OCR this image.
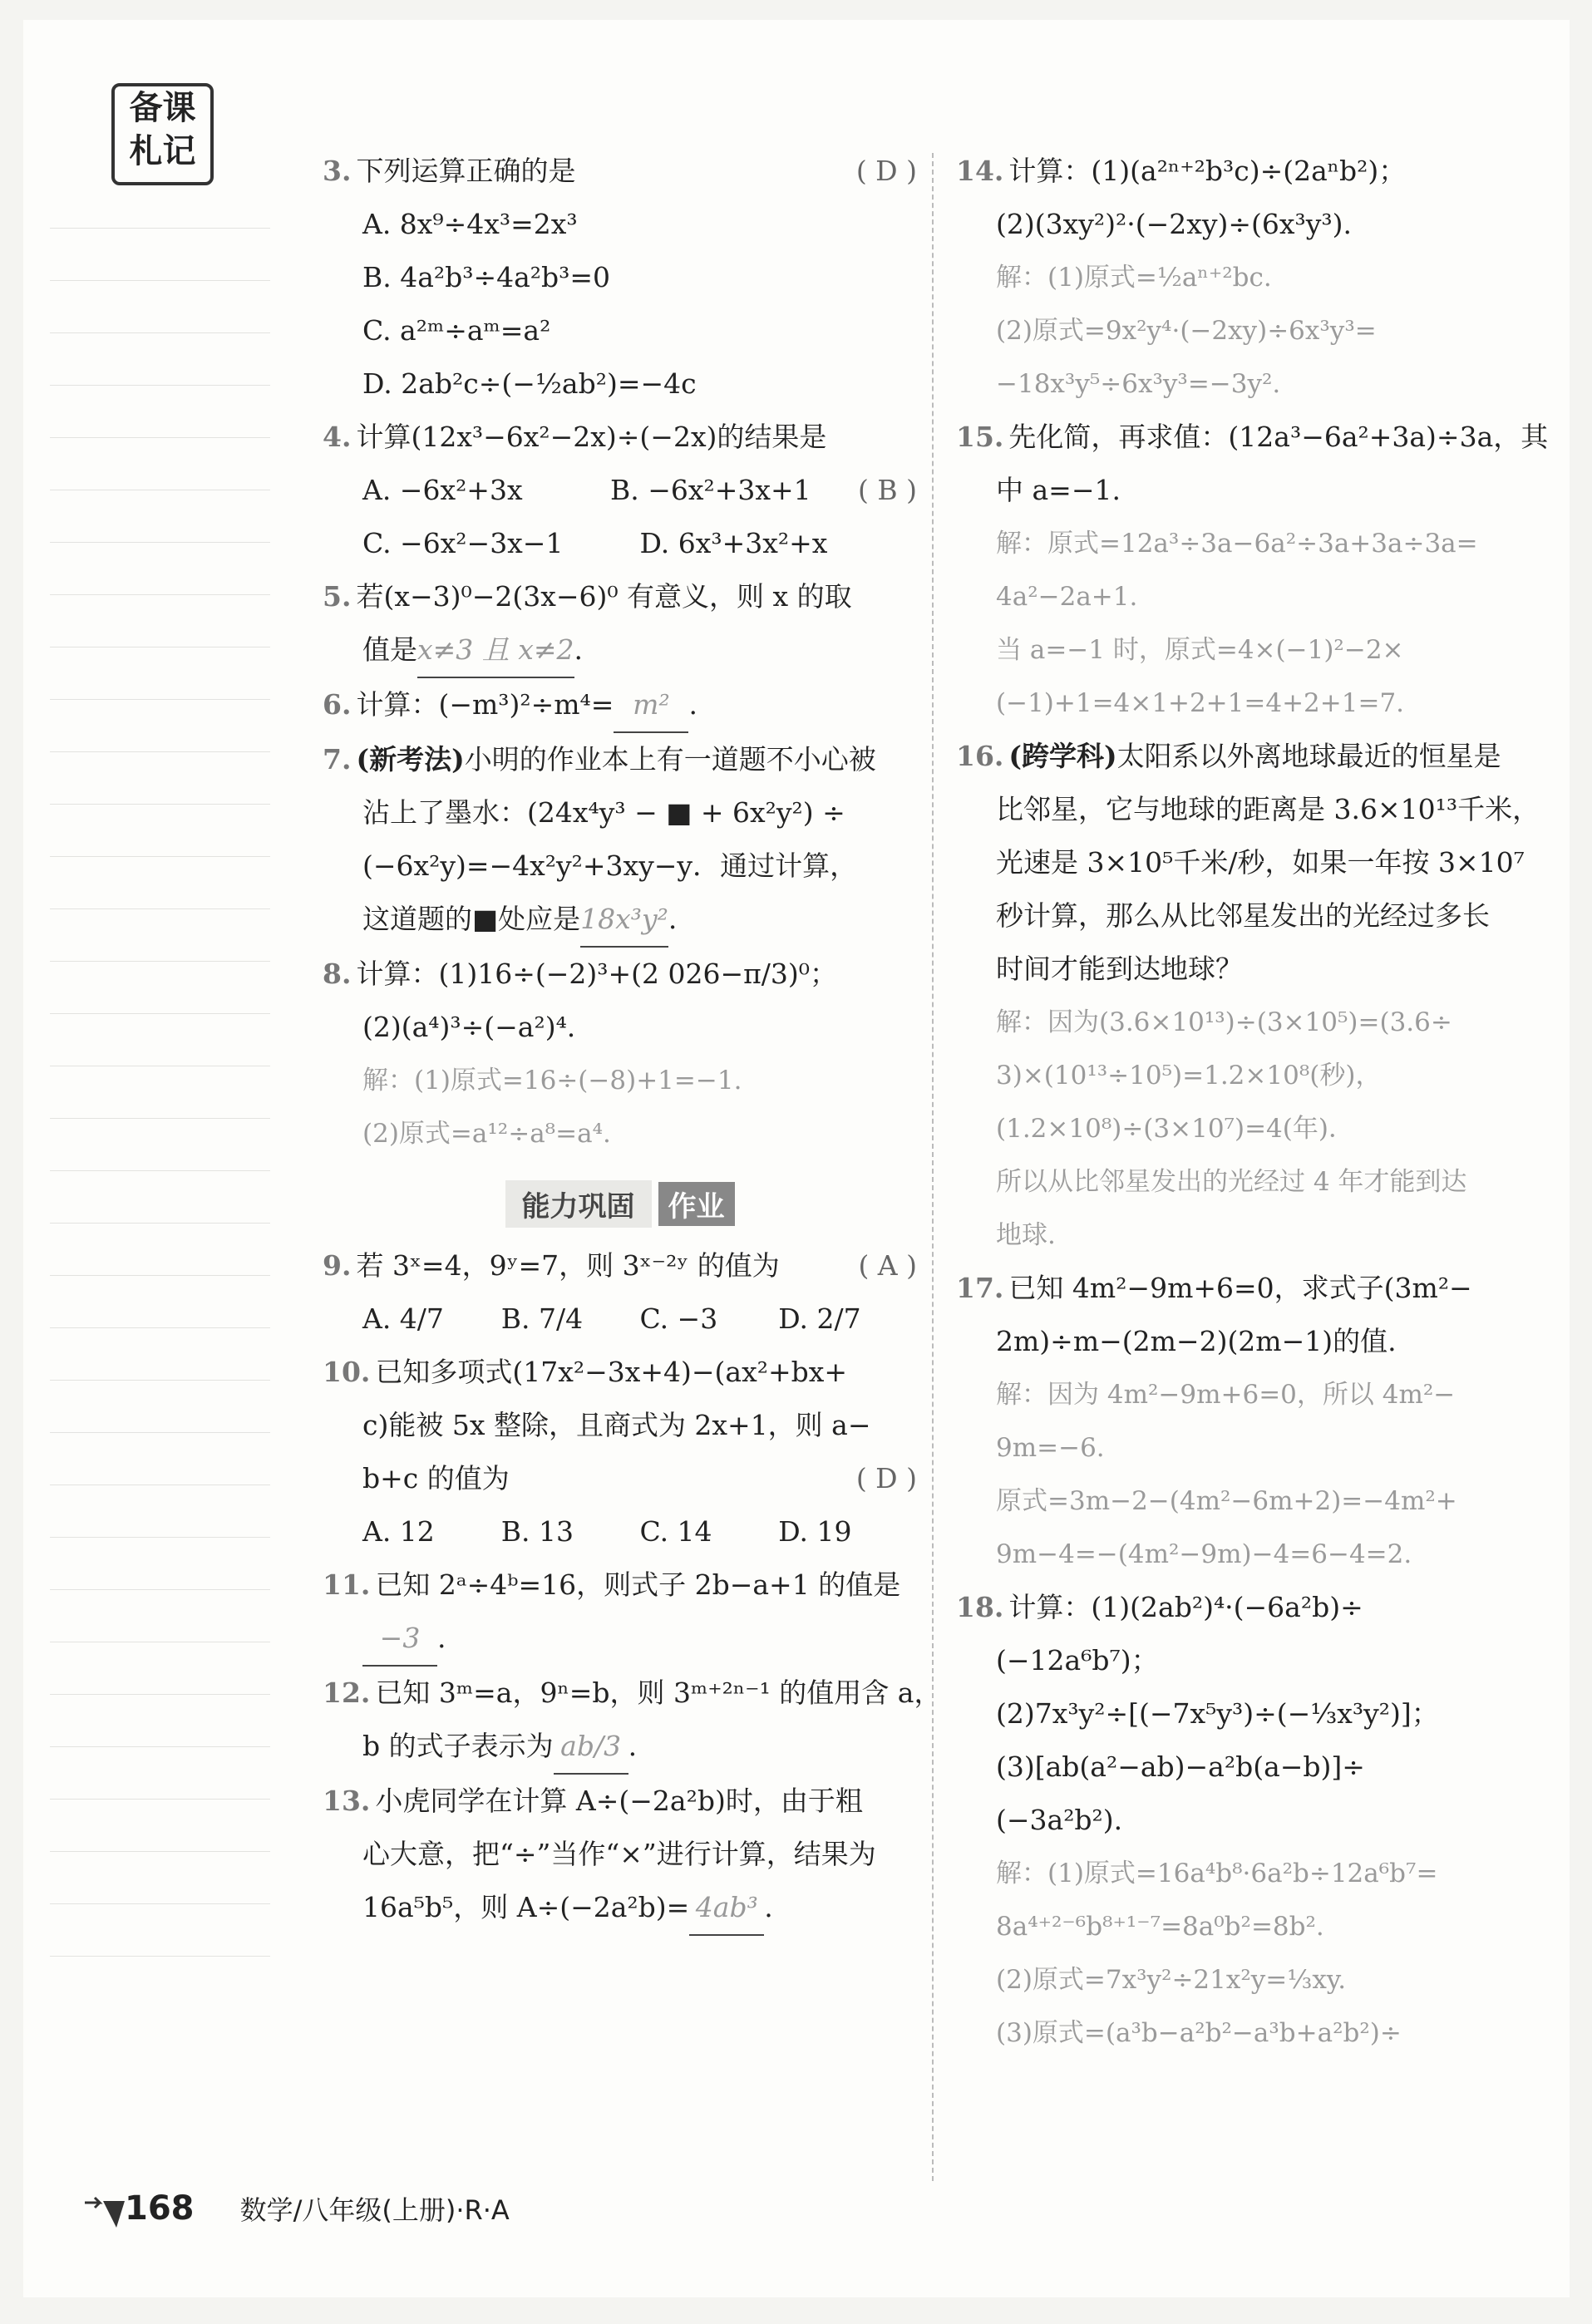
备课
札记
( D )
3. 下列运算正确的是
A. 8x⁹÷4x³=2x³
B. 4a²b³÷4a²b³=0
C. a²ᵐ÷aᵐ=a²
D. 2ab²c÷(−½ab²)=−4c
4. 计算(12x³−6x²−2x)÷(−2x)的结果是
( B )
A. −6x²+3x	B. −6x²+3x+1
C. −6x²−3x−1	D. 6x³+3x²+x
5. 若(x−3)⁰−2(3x−6)⁰ 有意义，则 x 的取
值是x≠3 且 x≠2.
6. 计算：(−m³)²÷m⁴= m² .
7. (新考法)小明的作业本上有一道题不小心被
沾上了墨水：(24x⁴y³ − ■ + 6x²y²) ÷
(−6x²y)=−4x²y²+3xy−y．通过计算，
这道题的■处应是18x³y².
8. 计算：(1)16÷(−2)³+(2 026−π/3)⁰；
(2)(a⁴)³÷(−a²)⁴.
解：(1)原式=16÷(−8)+1=−1.
(2)原式=a¹²÷a⁸=a⁴.
能力巩固 作业
( A )
9. 若 3ˣ=4，9ʸ=7，则 3ˣ⁻²ʸ 的值为
A. 4/7	B. 7/4	C. −3	D. 2/7
10. 已知多项式(17x²−3x+4)−(ax²+bx+
c)能被 5x 整除，且商式为 2x+1，则 a−
( D )
b+c 的值为
A. 12	B. 13	C. 14	D. 19
11. 已知 2ᵃ÷4ᵇ=16，则式子 2b−a+1 的值是
−3 .
12. 已知 3ᵐ=a，9ⁿ=b，则 3ᵐ⁺²ⁿ⁻¹ 的值用含 a，
b 的式子表示为 ab/3 .
13. 小虎同学在计算 A÷(−2a²b)时，由于粗
心大意，把“÷”当作“×”进行计算，结果为
16a⁵b⁵，则 A÷(−2a²b)= 4ab³ .
14. 计算：(1)(a²ⁿ⁺²b³c)÷(2aⁿb²)；
(2)(3xy²)²·(−2xy)÷(6x³y³).
解：(1)原式=½aⁿ⁺²bc.
(2)原式=9x²y⁴·(−2xy)÷6x³y³=
−18x³y⁵÷6x³y³=−3y².
15. 先化简，再求值：(12a³−6a²+3a)÷3a，其
中 a=−1.
解：原式=12a³÷3a−6a²÷3a+3a÷3a=
4a²−2a+1.
当 a=−1 时，原式=4×(−1)²−2×
(−1)+1=4×1+2+1=4+2+1=7.
16. (跨学科)太阳系以外离地球最近的恒星是
比邻星，它与地球的距离是 3.6×10¹³千米，
光速是 3×10⁵千米/秒，如果一年按 3×10⁷
秒计算，那么从比邻星发出的光经过多长
时间才能到达地球？
解：因为(3.6×10¹³)÷(3×10⁵)=(3.6÷
3)×(10¹³÷10⁵)=1.2×10⁸(秒)，
(1.2×10⁸)÷(3×10⁷)=4(年)．
所以从比邻星发出的光经过 4 年才能到达
地球.
17. 已知 4m²−9m+6=0，求式子(3m²−
2m)÷m−(2m−2)(2m−1)的值.
解：因为 4m²−9m+6=0，所以 4m²−
9m=−6.
原式=3m−2−(4m²−6m+2)=−4m²+
9m−4=−(4m²−9m)−4=6−4=2.
18. 计算：(1)(2ab²)⁴·(−6a²b)÷
(−12a⁶b⁷)；
(2)7x³y²÷[(−7x⁵y³)÷(−⅓x³y²)]；
(3)[ab(a²−ab)−a²b(a−b)]÷
(−3a²b²).
解：(1)原式=16a⁴b⁸·6a²b÷12a⁶b⁷=
8a⁴⁺²⁻⁶b⁸⁺¹⁻⁷=8a⁰b²=8b².
(2)原式=7x³y²÷21x²y=⅓xy.
(3)原式=(a³b−a²b²−a³b+a²b²)÷
168 数学/八年级(上册)·R·A
